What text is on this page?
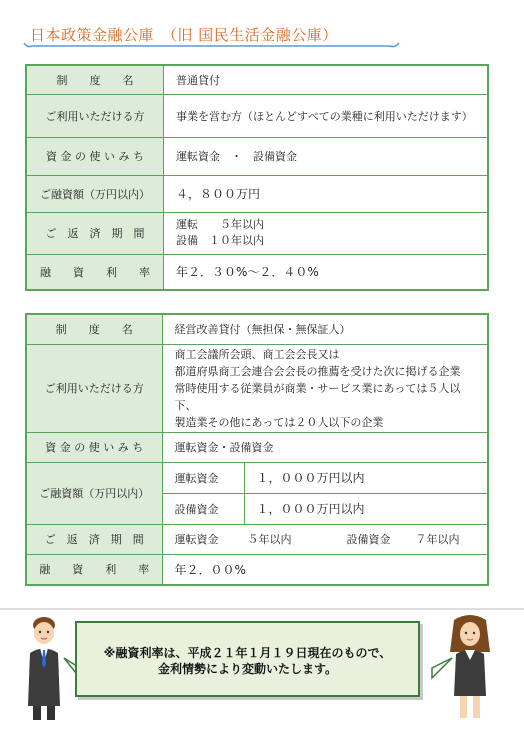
日本政策金融公庫　（旧 国民生活金融公庫）
制　　度　　名	普通貸付
ご利用いただける方	事業を営む方（ほとんどすべての業種に利用いただけます）
資 金 の 使 い み ち	運転資金　・　設備資金
ご融資額（万円以内）	４，８００万円
ご　返　済　期　間	運転　　５年以内
設備　１０年以内

融　　資　　利　　率	年２．３０%～２．４０%
制　　度　　名	経営改善貸付（無担保・無保証人）	
ご利用いただける方	商工会議所会頭、商工会会長又は
都道府県商工会連合会会長の推薦を受けた次に掲げる企業
常時使用する従業員が商業・サービス業にあっては５人以下、
製造業その他にあっては２０人以下の企業	

資 金 の 使 い み ち	運転資金・設備資金	
ご融資額（万円以内）	運転資金	１，０００万円以内
	設備資金	１，０００万円以内
ご　返　済　期　間	運転資金 ５年以内 設備資金 ７年以内	
融　　資　　利　　率	年２．００%	
※融資利率は、平成２１年１月１９日現在のもので、
金利情勢により変動いたします。
